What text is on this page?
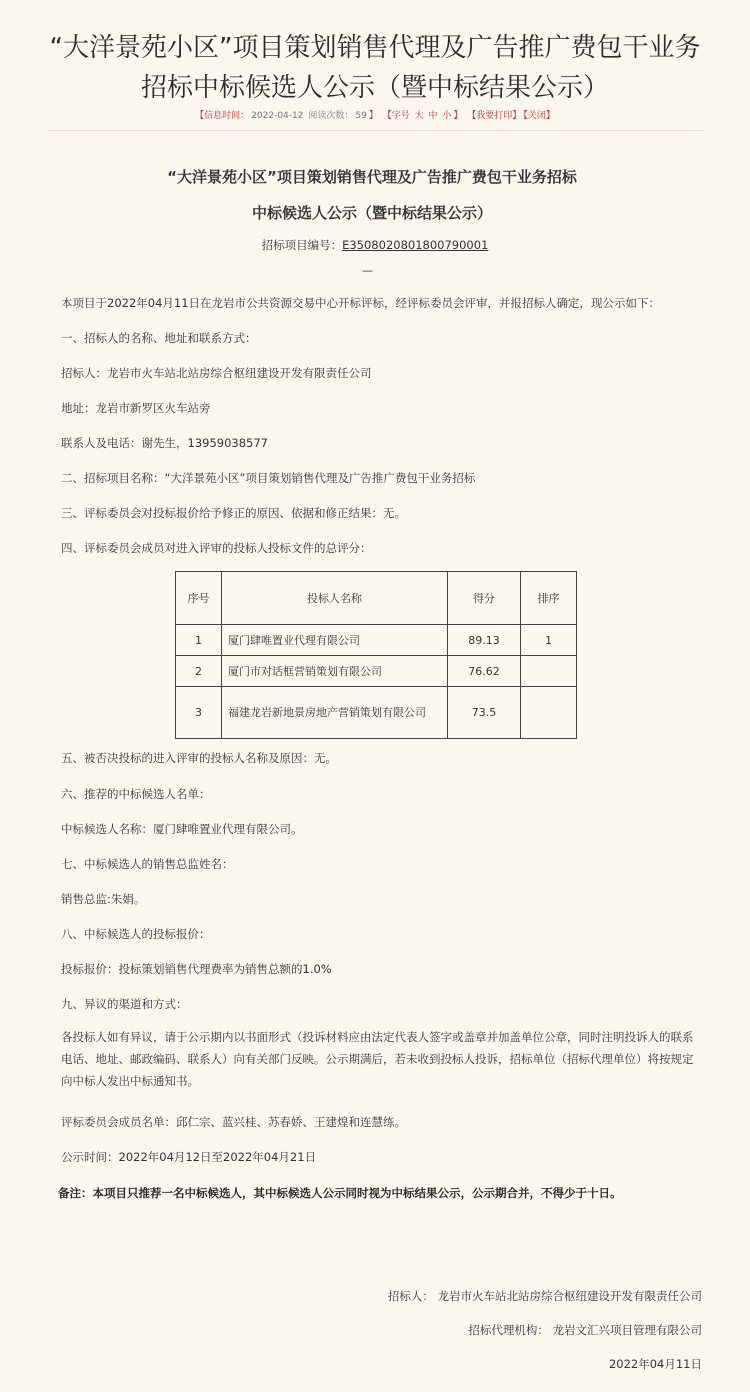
“大洋景苑小区”项目策划销售代理及广告推广费包干业务招标中标候选人公示（暨中标结果公示）
【信息时间： 2022-04-12 阅读次数： 59 】 【字号 大 中 小 】 【我要打印】 【关闭】
“大洋景苑小区”项目策划销售代理及广告推广费包干业务招标
中标候选人公示（暨中标结果公示）
招标项目编号：E3508020801800790001
—
本项目于2022年04月11日在龙岩市公共资源交易中心开标评标，经评标委员会评审，并报招标人确定，现公示如下：
一、招标人的名称、地址和联系方式：
招标人：龙岩市火车站北站房综合枢纽建设开发有限责任公司
地址：龙岩市新罗区火车站旁
联系人及电话：谢先生，13959038577
二、招标项目名称：“大洋景苑小区”项目策划销售代理及广告推广费包干业务招标
三、评标委员会对投标报价给予修正的原因、依据和修正结果：无。
四、评标委员会成员对进入评审的投标人投标文件的总评分：
序号	投标人名称	得分	排序
1	厦门肆唯置业代理有限公司	89.13	1
2	厦门市对话框营销策划有限公司	76.62	
3	福建龙岩新地景房地产营销策划有限公司	73.5	
五、被否决投标的进入评审的投标人名称及原因：无。
六、推荐的中标候选人名单：
中标候选人名称：厦门肆唯置业代理有限公司。
七、中标候选人的销售总监姓名：
销售总监:朱娟。
八、中标候选人的投标报价：
投标报价：投标策划销售代理费率为销售总额的1.0%
九、异议的渠道和方式：
各投标人如有异议，请于公示期内以书面形式（投诉材料应由法定代表人签字或盖章并加盖单位公章，同时注明投诉人的联系电话、地址、邮政编码、联系人）向有关部门反映。公示期满后，若未收到投标人投诉，招标单位（招标代理单位）将按规定向中标人发出中标通知书。
评标委员会成员名单：邱仁宗、蓝兴桂、苏春娇、王建煌和连慧练。
公示时间：2022年04月12日至2022年04月21日
备注：本项目只推荐一名中标候选人，其中标候选人公示同时视为中标结果公示，公示期合并，不得少于十日。
招标人： 龙岩市火车站北站房综合枢纽建设开发有限责任公司
招标代理机构： 龙岩文汇兴项目管理有限公司
2022年04月11日
